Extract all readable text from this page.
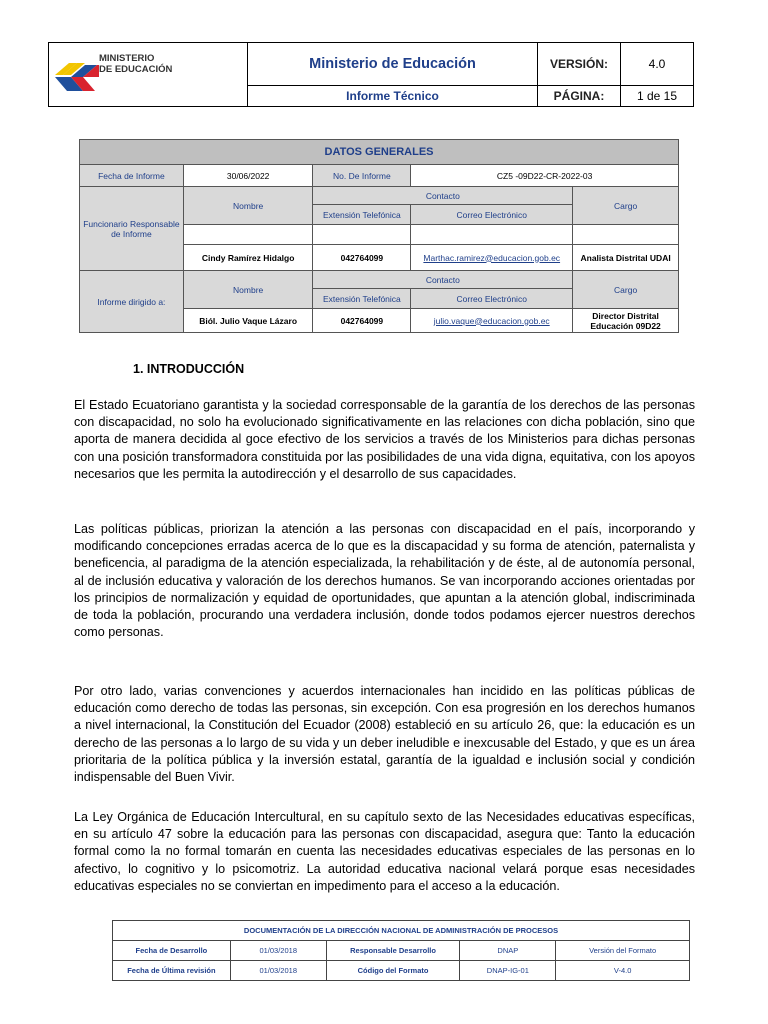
MINISTERIO
DE EDUCACIÓN	Ministerio de Educación	VERSIÓN:	4.0
	Informe Técnico	PÁGINA:	1 de 15
DATOS GENERALES				
Fecha de Informe	30/06/2022	No. De Informe	CZ5 -09D22-CR-2022-03	
Funcionario Responsable de Informe	Nombre	Contacto		Cargo
		Extensión Telefónica	Correo Electrónico	

	Cindy Ramírez Hidalgo	042764099	Marthac.ramirez@educacion.gob.ec	Analista Distrital UDAI
Informe dirigido a:	Nombre	Contacto		Cargo
		Extensión Telefónica	Correo Electrónico	
	Biól. Julio Vaque Lázaro	042764099	julio.vaque@educacion.gob.ec	Director Distrital Educación 09D22
1. INTRODUCCIÓN

El Estado Ecuatoriano garantista y la sociedad corresponsable de la garantía de los derechos de las personas con discapacidad, no solo ha evolucionado significativamente en las relaciones con dicha población, sino que aporta de manera decidida al goce efectivo de los servicios a través de los Ministerios para dichas personas con una posición transformadora constituida por las posibilidades de una vida digna, equitativa, con los apoyos necesarios que les permita la autodirección y el desarrollo de sus capacidades.

Las políticas públicas, priorizan la atención a las personas con discapacidad en el país, incorporando y modificando concepciones erradas acerca de lo que es la discapacidad y su forma de atención, paternalista y beneficencia, al paradigma de la atención especializada, la rehabilitación y de éste, al de autonomía personal, al de inclusión educativa y valoración de los derechos humanos. Se van incorporando acciones orientadas por los principios de normalización y equidad de oportunidades, que apuntan a la atención global, indiscriminada de toda la población, procurando una verdadera inclusión, donde todos podamos ejercer nuestros derechos como personas.

Por otro lado, varias convenciones y acuerdos internacionales han incidido en las políticas públicas de educación como derecho de todas las personas, sin excepción. Con esa progresión en los derechos humanos a nivel internacional, la Constitución del Ecuador (2008) estableció en su artículo 26, que: la educación es un derecho de las personas a lo largo de su vida y un deber ineludible e inexcusable del Estado, y que es un área prioritaria de la política pública y la inversión estatal, garantía de la igualdad e inclusión social y condición indispensable del Buen Vivir.

La Ley Orgánica de Educación Intercultural, en su capítulo sexto de las Necesidades educativas específicas, en su artículo 47 sobre la educación para las personas con discapacidad, asegura que: Tanto la educación formal como la no formal tomarán en cuenta las necesidades educativas especiales de las personas en lo afectivo, lo cognitivo y lo psicomotriz. La autoridad educativa nacional velará porque esas necesidades educativas especiales no se conviertan en impedimento para el acceso a la educación.

DOCUMENTACIÓN DE LA DIRECCIÓN NACIONAL DE ADMINISTRACIÓN DE PROCESOS				
Fecha de Desarrollo	01/03/2018	Responsable Desarrollo	DNAP	Versión del Formato
Fecha de Última revisión	01/03/2018	Código del Formato	DNAP-IG-01	V-4.0
